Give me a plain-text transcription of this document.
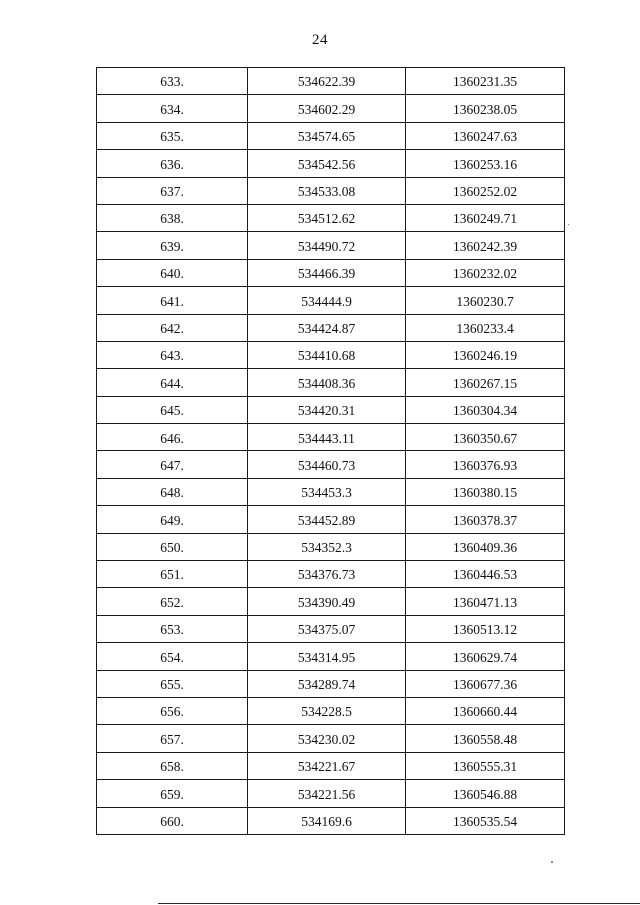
24
633.	534622.39	1360231.35
634.	534602.29	1360238.05
635.	534574.65	1360247.63
636.	534542.56	1360253.16
637.	534533.08	1360252.02
638.	534512.62	1360249.71
639.	534490.72	1360242.39
640.	534466.39	1360232.02
641.	534444.9	1360230.7
642.	534424.87	1360233.4
643.	534410.68	1360246.19
644.	534408.36	1360267.15
645.	534420.31	1360304.34
646.	534443.11	1360350.67
647.	534460.73	1360376.93
648.	534453.3	1360380.15
649.	534452.89	1360378.37
650.	534352.3	1360409.36
651.	534376.73	1360446.53
652.	534390.49	1360471.13
653.	534375.07	1360513.12
654.	534314.95	1360629.74
655.	534289.74	1360677.36
656.	534228.5	1360660.44
657.	534230.02	1360558.48
658.	534221.67	1360555.31
659.	534221.56	1360546.88
660.	534169.6	1360535.54
